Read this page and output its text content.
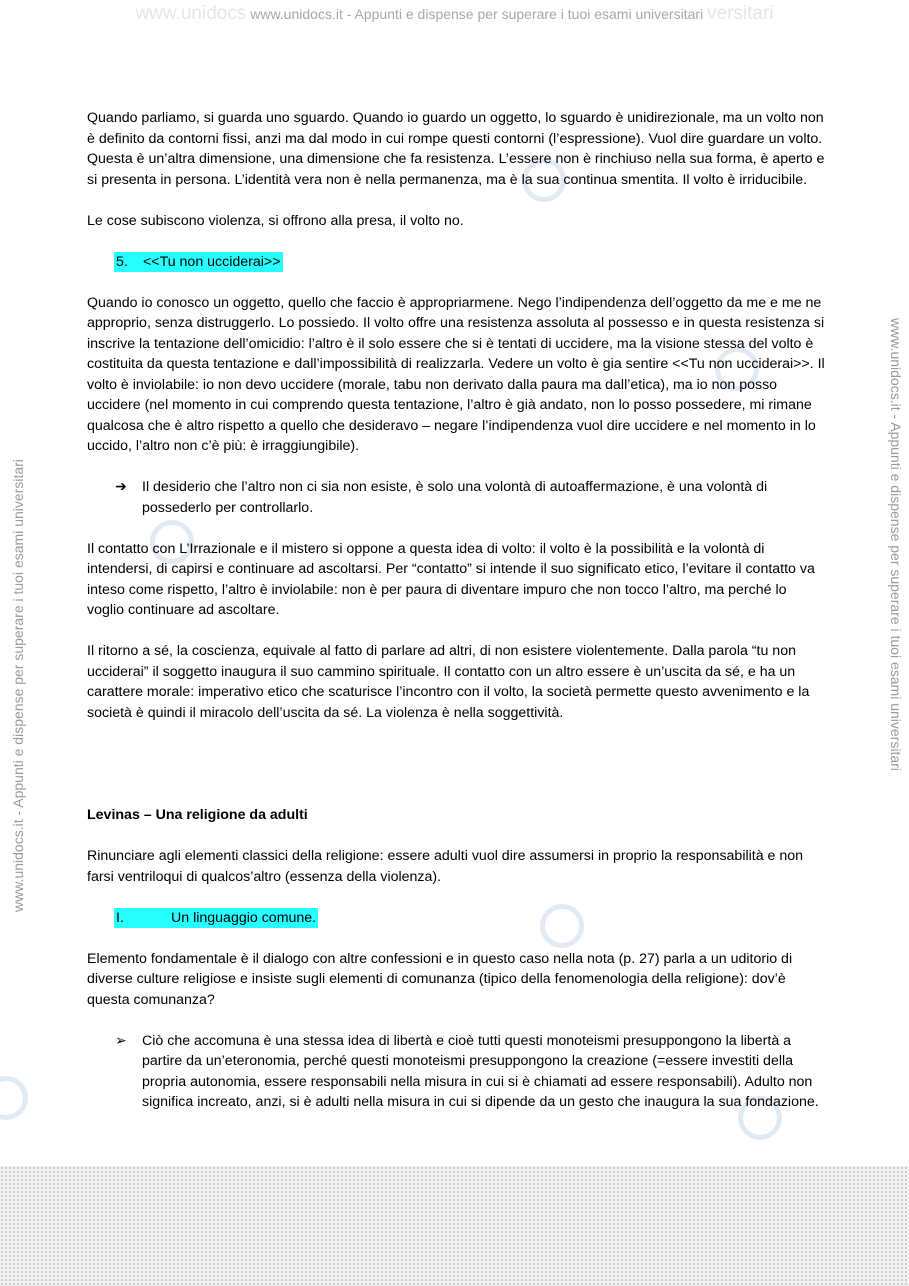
www.unidocs www.unidocs.it - Appunti e dispense per superare i tuoi esami universitari versitari
www.unidocs.it - Appunti e dispense per superare i tuoi esami universitari	www.unidocs.it - Appunti e dispense per superare i tuoi esami universitari

Quando parliamo, si guarda uno sguardo. Quando io guardo un oggetto, lo sguardo è unidirezionale, ma un volto non è definito da contorni fissi, anzi ma dal modo in cui rompe questi contorni (l’espressione). Vuol dire guardare un volto. Questa è un’altra dimensione, una dimensione che fa resistenza. L’essere non è rinchiuso nella sua forma, è aperto e si presenta in persona. L’identità vera non è nella permanenza, ma è la sua continua smentita. Il volto è irriducibile.

Le cose subiscono violenza, si offrono alla presa, il volto no.

5. <<Tu non ucciderai>>

Quando io conosco un oggetto, quello che faccio è appropriarmene. Nego l’indipendenza dell’oggetto da me e me ne approprio, senza distruggerlo. Lo possiedo. Il volto offre una resistenza assoluta al possesso e in questa resistenza si inscrive la tentazione dell’omicidio: l’altro è il solo essere che si è tentati di uccidere, ma la visione stessa del volto è costituita da questa tentazione e dall’impossibilità di realizzarla. Vedere un volto è gia sentire <<Tu non ucciderai>>. Il volto è inviolabile: io non devo uccidere (morale, tabu non derivato dalla paura ma dall’etica), ma io non posso uccidere (nel momento in cui comprendo questa tentazione, l’altro è già andato, non lo posso possedere, mi rimane qualcosa che è altro rispetto a quello che desideravo – negare l’indipendenza vuol dire uccidere e nel momento in lo uccido, l’altro non c’è più: è irraggiungibile).

➔ Il desiderio che l’altro non ci sia non esiste, è solo una volontà di autoaffermazione, è una volontà di possederlo per controllarlo.

Il contatto con L’Irrazionale e il mistero si oppone a questa idea di volto: il volto è la possibilità e la volontà di intendersi, di capirsi e continuare ad ascoltarsi. Per “contatto” si intende il suo significato etico, l’evitare il contatto va inteso come rispetto, l’altro è inviolabile: non è per paura di diventare impuro che non tocco l’altro, ma perché lo voglio continuare ad ascoltare.

Il ritorno a sé, la coscienza, equivale al fatto di parlare ad altri, di non esistere violentemente. Dalla parola “tu non ucciderai” il soggetto inaugura il suo cammino spirituale. Il contatto con un altro essere è un’uscita da sé, e ha un carattere morale: imperativo etico che scaturisce l’incontro con il volto, la società permette questo avvenimento e la società è quindi il miracolo dell’uscita da sé. La violenza è nella soggettività.

Levinas – Una religione da adulti

Rinunciare agli elementi classici della religione: essere adulti vuol dire assumersi in proprio la responsabilità e non farsi ventriloqui di qualcos’altro (essenza della violenza).

I.	Un linguaggio comune.

Elemento fondamentale è il dialogo con altre confessioni e in questo caso nella nota (p. 27) parla a un uditorio di diverse culture religiose e insiste sugli elementi di comunanza (tipico della fenomenologia della religione): dov’è questa comunanza?

➢ Ciò che accomuna è una stessa idea di libertà e cioè tutti questi monoteismi presuppongono la libertà a partire da un’eteronomia, perché questi monoteismi presuppongono la creazione (=essere investiti della propria autonomia, essere responsabili nella misura in cui si è chiamati ad essere responsabili). Adulto non significa increato, anzi, si è adulti nella misura in cui si dipende da un gesto che inaugura la sua fondazione.
